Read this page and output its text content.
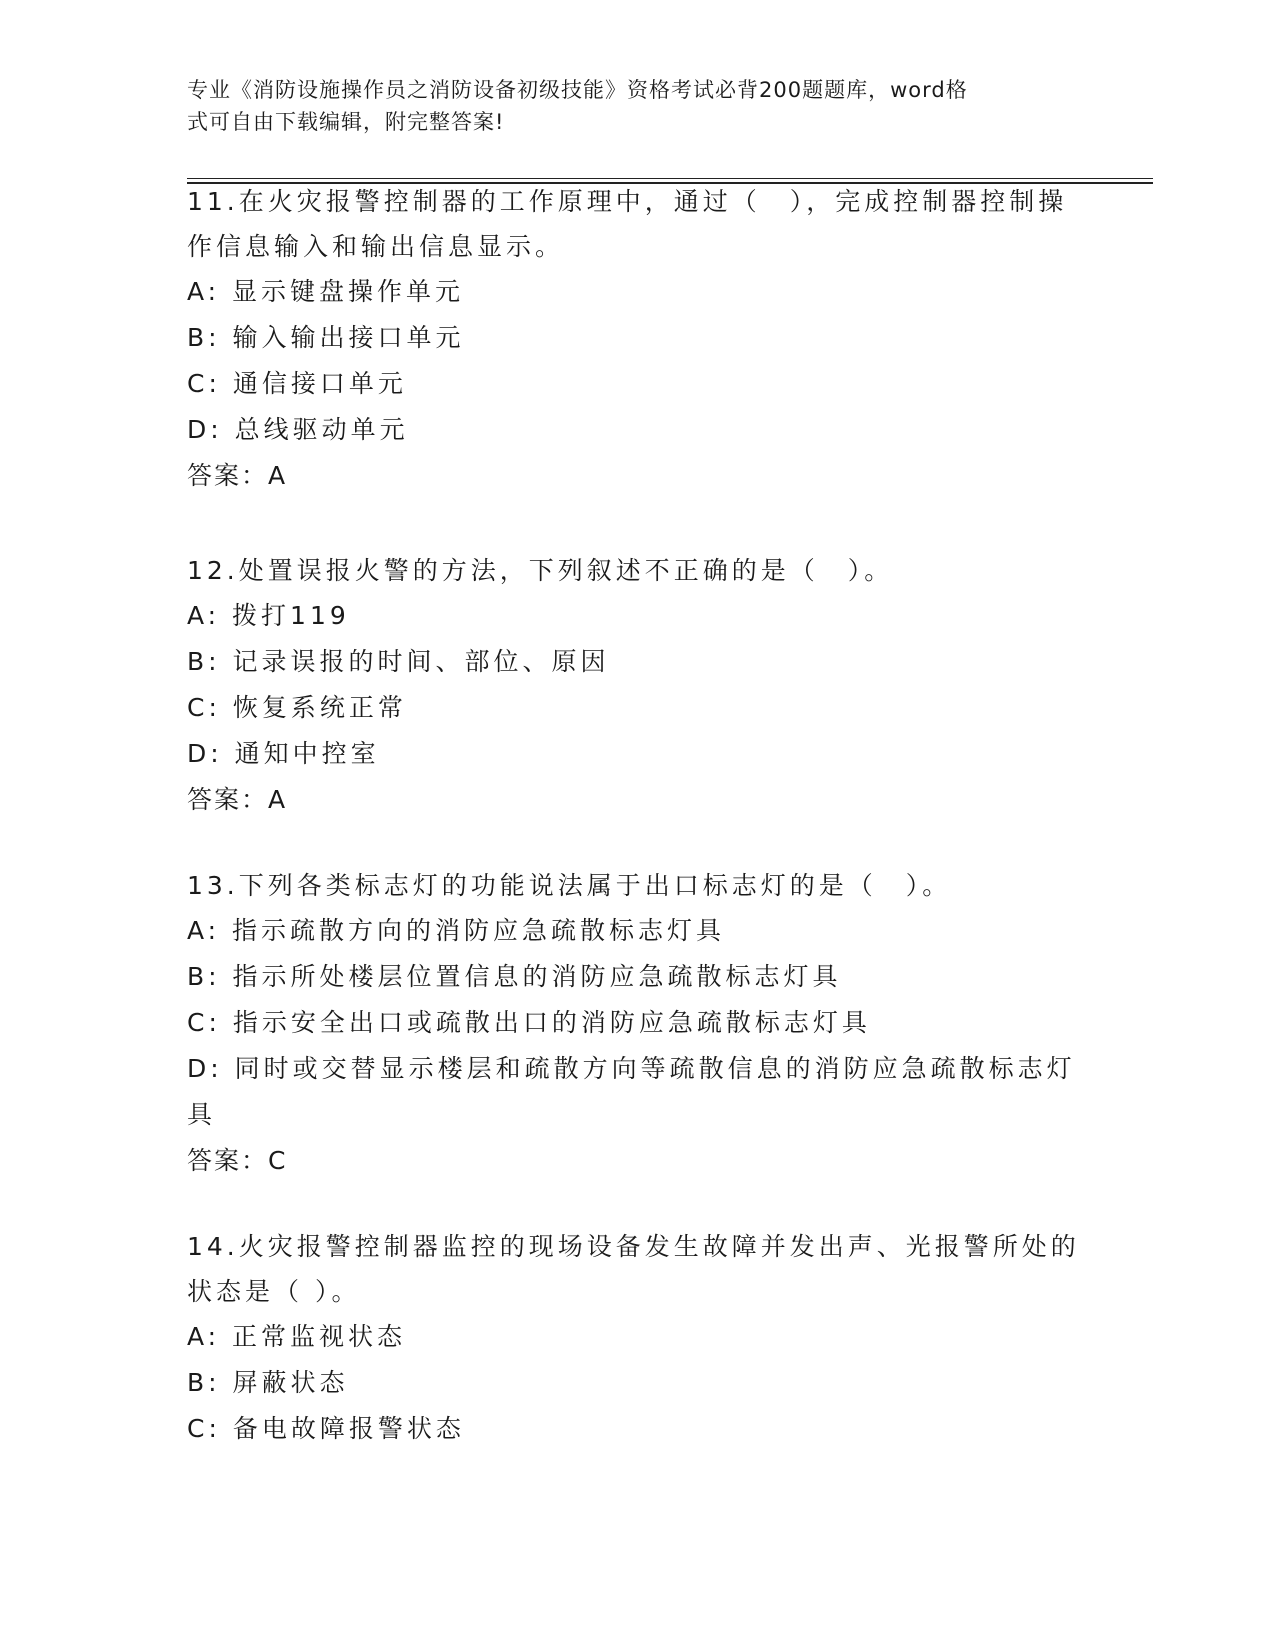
专业《消防设施操作员之消防设备初级技能》资格考试必背200题题库，word格
式可自由下载编辑，附完整答案!

11.在火灾报警控制器的工作原理中，通过（　），完成控制器控制操

作信息输入和输出信息显示。

A: 显示键盘操作单元

B: 输入输出接口单元

C: 通信接口单元

D: 总线驱动单元

答案：A

12.处置误报火警的方法，下列叙述不正确的是（　）。

A: 拨打119

B: 记录误报的时间、部位、原因

C: 恢复系统正常

D: 通知中控室

答案：A

13.下列各类标志灯的功能说法属于出口标志灯的是（　）。

A: 指示疏散方向的消防应急疏散标志灯具

B: 指示所处楼层位置信息的消防应急疏散标志灯具

C: 指示安全出口或疏散出口的消防应急疏散标志灯具

D: 同时或交替显示楼层和疏散方向等疏散信息的消防应急疏散标志灯

具

答案：C

14.火灾报警控制器监控的现场设备发生故障并发出声、光报警所处的

状态是（ ）。

A: 正常监视状态

B: 屏蔽状态

C: 备电故障报警状态
